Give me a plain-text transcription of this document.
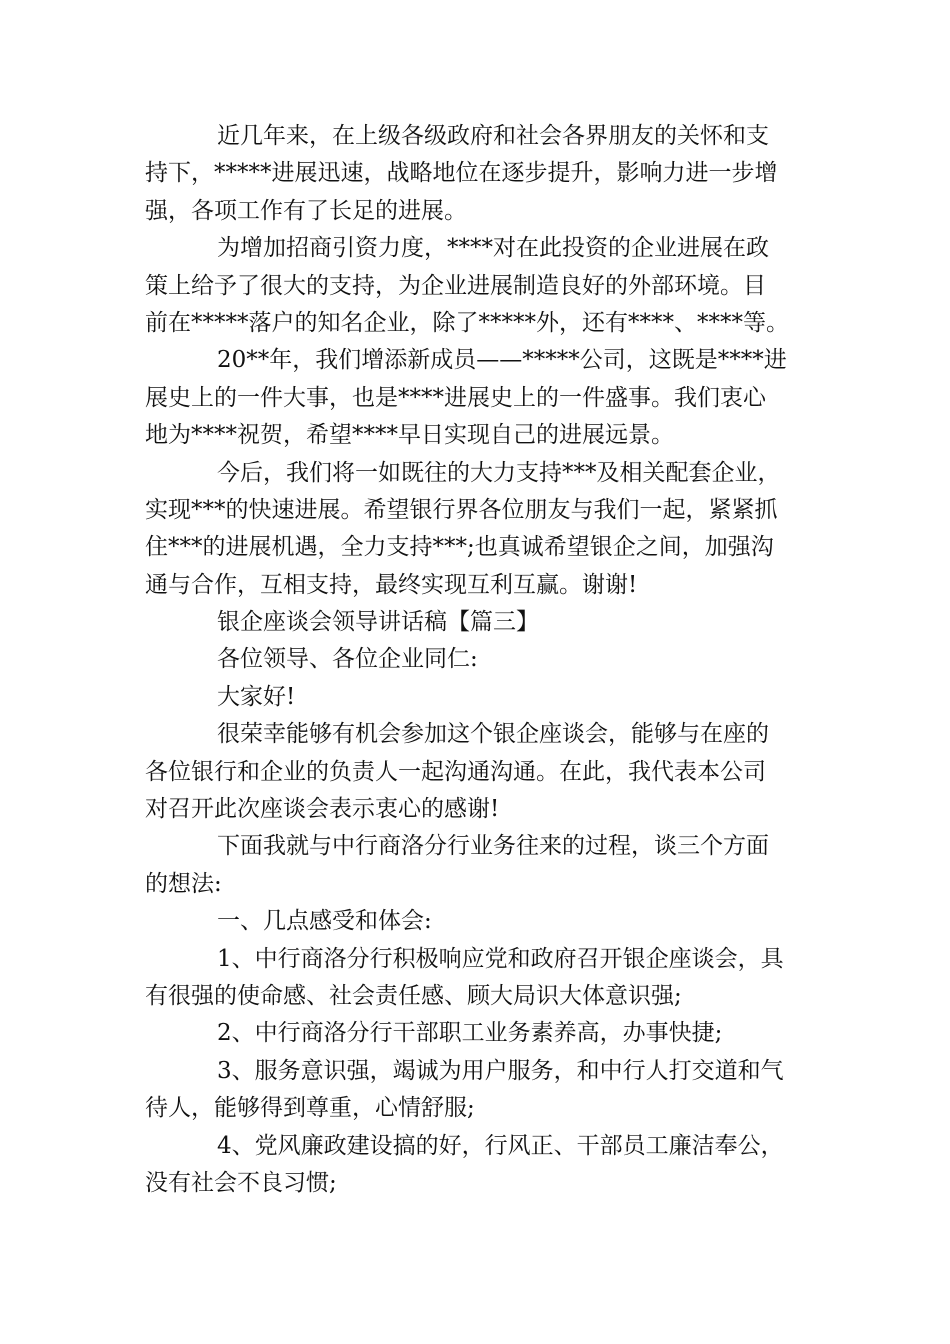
近几年来，在上级各级政府和社会各界朋友的关怀和支
持下，*****进展迅速，战略地位在逐步提升，影响力进一步增
强，各项工作有了长足的进展。
为增加招商引资力度，****对在此投资的企业进展在政
策上给予了很大的支持，为企业进展制造良好的外部环境。目
前在*****落户的知名企业，除了*****外，还有****、****等。
20**年，我们增添新成员——*****公司，这既是****进
展史上的一件大事，也是****进展史上的一件盛事。我们衷心
地为****祝贺，希望****早日实现自己的进展远景。
今后，我们将一如既往的大力支持***及相关配套企业，
实现***的快速进展。希望银行界各位朋友与我们一起，紧紧抓
住***的进展机遇，全力支持***;也真诚希望银企之间，加强沟
通与合作，互相支持，最终实现互利互赢。谢谢!
银企座谈会领导讲话稿【篇三】
各位领导、各位企业同仁:
大家好!
很荣幸能够有机会参加这个银企座谈会，能够与在座的
各位银行和企业的负责人一起沟通沟通。在此，我代表本公司
对召开此次座谈会表示衷心的感谢!
下面我就与中行商洛分行业务往来的过程，谈三个方面
的想法:
一、几点感受和体会:
1、中行商洛分行积极响应党和政府召开银企座谈会，具
有很强的使命感、社会责任感、顾大局识大体意识强;
2、中行商洛分行干部职工业务素养高，办事快捷;
3、服务意识强，竭诚为用户服务，和中行人打交道和气
待人，能够得到尊重，心情舒服;
4、党风廉政建设搞的好，行风正、干部员工廉洁奉公，
没有社会不良习惯;
